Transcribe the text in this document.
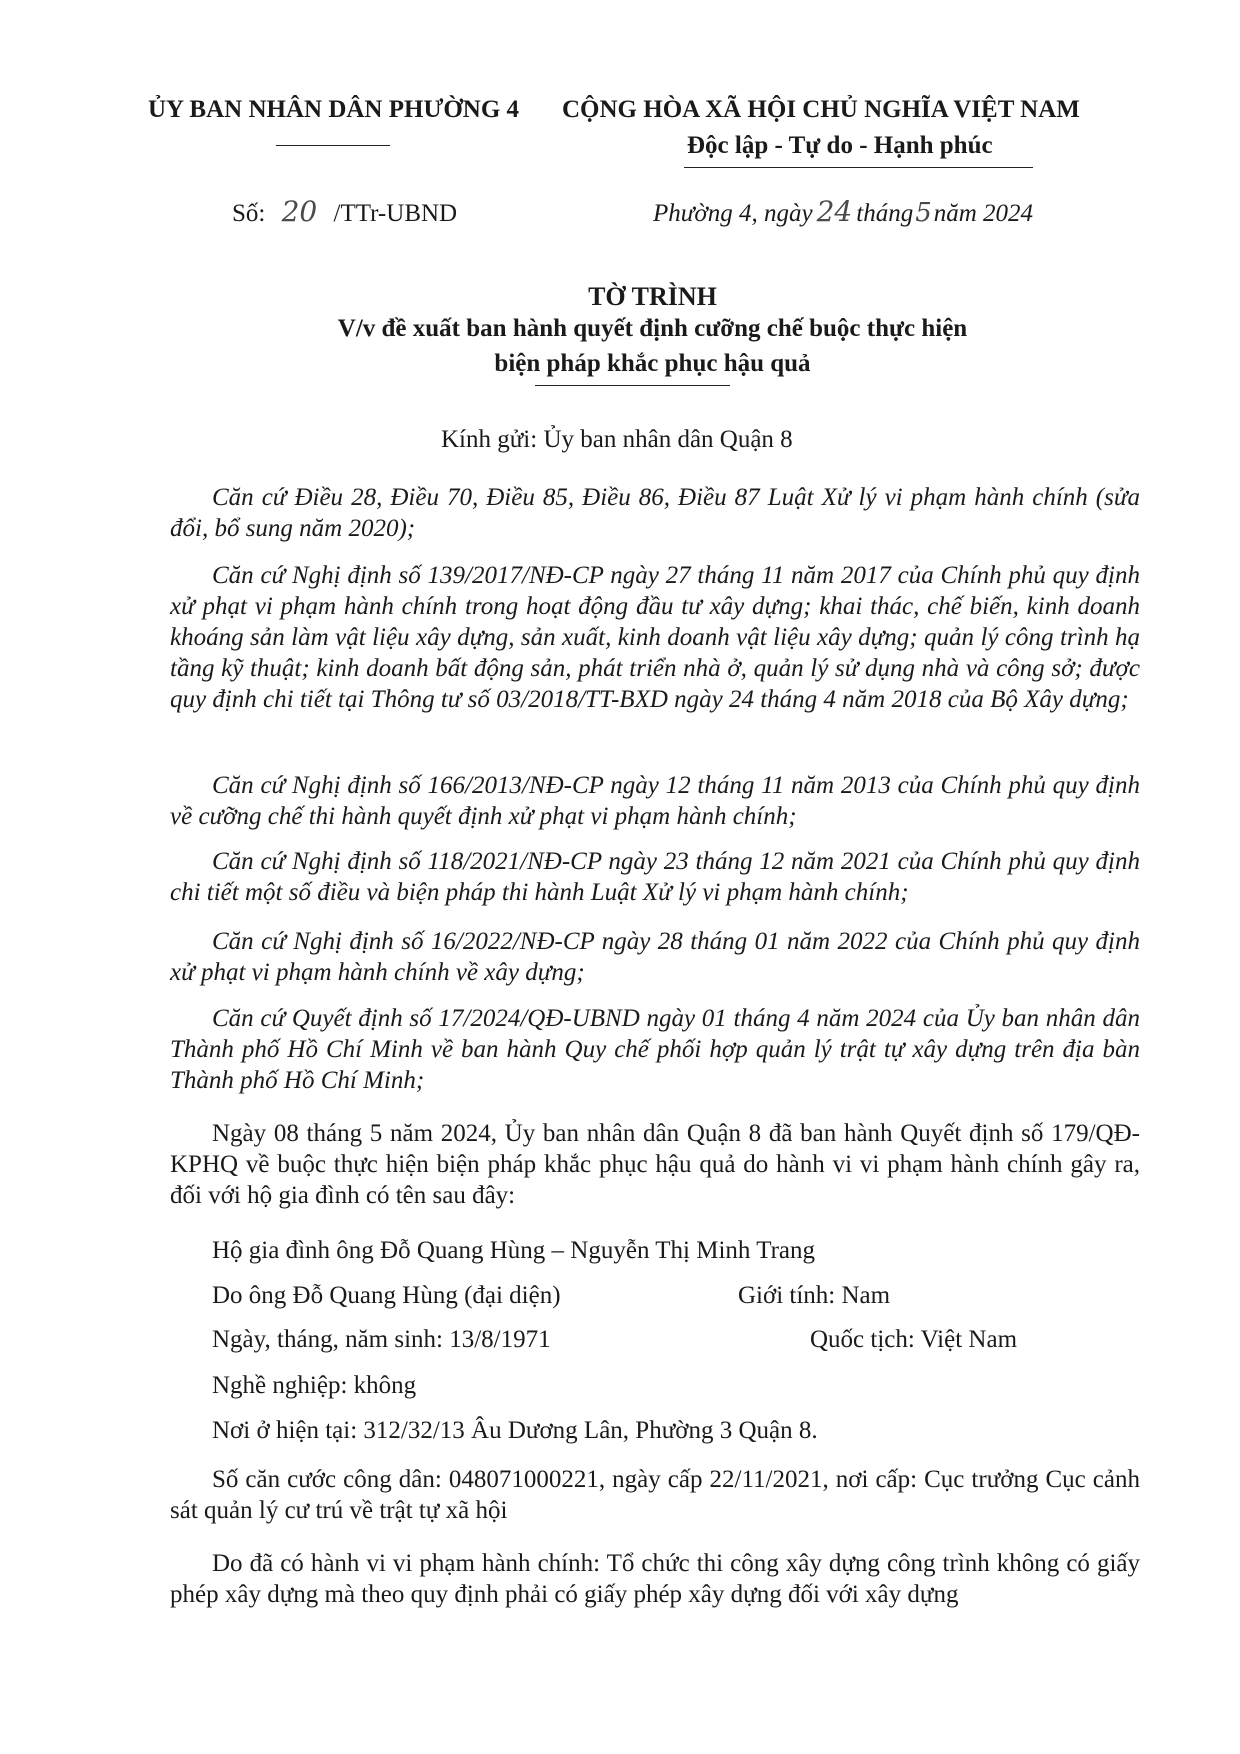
ỦY BAN NHÂN DÂN PHƯỜNG 4 CỘNG HÒA XÃ HỘI CHỦ NGHĨA VIỆT NAM
Độc lập - Tự do - Hạnh phúc
Số: 20 /TTr-UBND	Phường 4, ngày 24 tháng5năm 2024
TỜ TRÌNH
V/v đề xuất ban hành quyết định cưỡng chế buộc thực hiện
biện pháp khắc phục hậu quả
Kính gửi: Ủy ban nhân dân Quận 8
Căn cứ Điều 28, Điều 70, Điều 85, Điều 86, Điều 87 Luật Xử lý vi phạm hành chính (sửa đổi, bổ sung năm 2020);
Căn cứ Nghị định số 139/2017/NĐ-CP ngày 27 tháng 11 năm 2017 của Chính phủ quy định xử phạt vi phạm hành chính trong hoạt động đầu tư xây dựng; khai thác, chế biến, kinh doanh khoáng sản làm vật liệu xây dựng, sản xuất, kinh doanh vật liệu xây dựng; quản lý công trình hạ tầng kỹ thuật; kinh doanh bất động sản, phát triển nhà ở, quản lý sử dụng nhà và công sở; được quy định chi tiết tại Thông tư số 03/2018/TT-BXD ngày 24 tháng 4 năm 2018 của Bộ Xây dựng;
Căn cứ Nghị định số 166/2013/NĐ-CP ngày 12 tháng 11 năm 2013 của Chính phủ quy định về cưỡng chế thi hành quyết định xử phạt vi phạm hành chính;
Căn cứ Nghị định số 118/2021/NĐ-CP ngày 23 tháng 12 năm 2021 của Chính phủ quy định chi tiết một số điều và biện pháp thi hành Luật Xử lý vi phạm hành chính;
Căn cứ Nghị định số 16/2022/NĐ-CP ngày 28 tháng 01 năm 2022 của Chính phủ quy định xử phạt vi phạm hành chính về xây dựng;
Căn cứ Quyết định số 17/2024/QĐ-UBND ngày 01 tháng 4 năm 2024 của Ủy ban nhân dân Thành phố Hồ Chí Minh về ban hành Quy chế phối hợp quản lý trật tự xây dựng trên địa bàn Thành phố Hồ Chí Minh;
Ngày 08 tháng 5 năm 2024, Ủy ban nhân dân Quận 8 đã ban hành Quyết định số 179/QĐ-KPHQ về buộc thực hiện biện pháp khắc phục hậu quả do hành vi vi phạm hành chính gây ra, đối với hộ gia đình có tên sau đây:
Hộ gia đình ông Đỗ Quang Hùng – Nguyễn Thị Minh Trang
Do ông Đỗ Quang Hùng (đại diện)	Giới tính: Nam
Ngày, tháng, năm sinh: 13/8/1971	Quốc tịch: Việt Nam
Nghề nghiệp: không
Nơi ở hiện tại: 312/32/13 Âu Dương Lân, Phường 3 Quận 8.
Số căn cước công dân: 048071000221, ngày cấp 22/11/2021, nơi cấp: Cục trưởng Cục cảnh sát quản lý cư trú về trật tự xã hội
Do đã có hành vi vi phạm hành chính: Tổ chức thi công xây dựng công trình không có giấy phép xây dựng mà theo quy định phải có giấy phép xây dựng đối với xây dựng
